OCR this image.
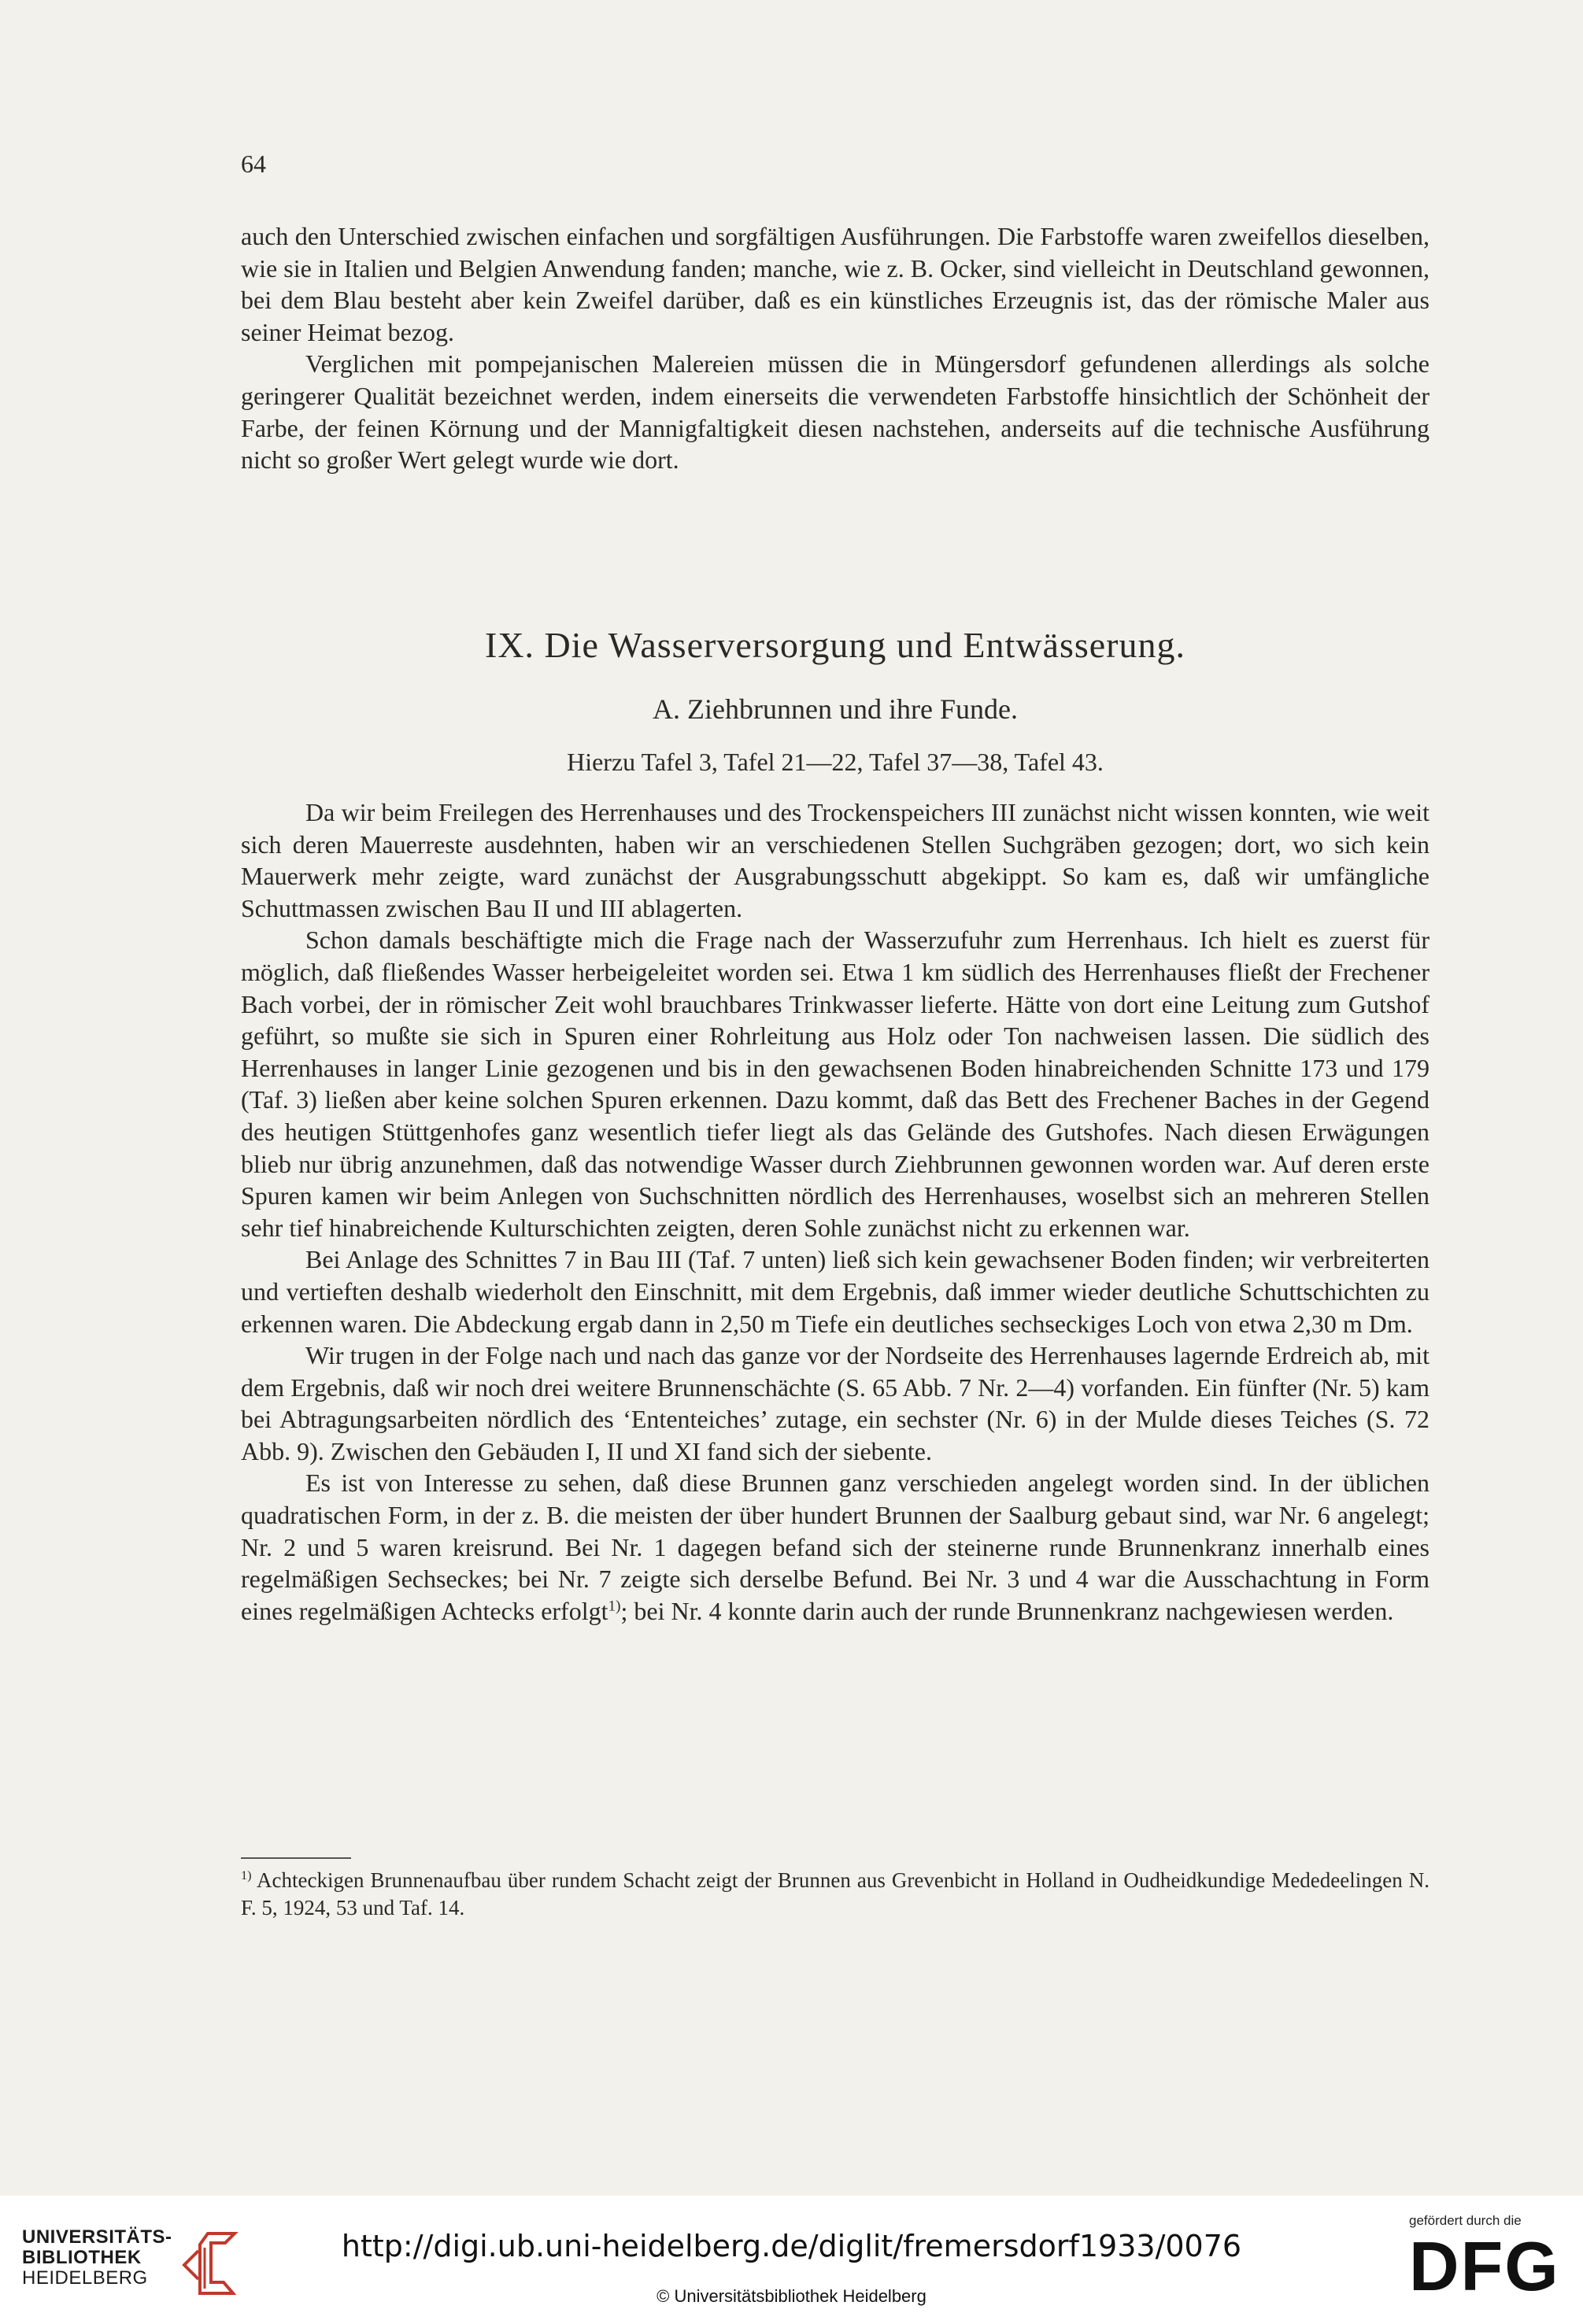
64

auch den Unterschied zwischen einfachen und sorgfältigen Ausführungen. Die Farbstoffe waren zweifellos dieselben, wie sie in Italien und Belgien Anwendung fanden; manche, wie z. B. Ocker, sind vielleicht in Deutschland gewonnen, bei dem Blau besteht aber kein Zweifel darüber, daß es ein künstliches Erzeugnis ist, das der römische Maler aus seiner Heimat bezog.

Verglichen mit pompejanischen Malereien müssen die in Müngersdorf gefundenen allerdings als solche geringerer Qualität bezeichnet werden, indem einerseits die verwendeten Farbstoffe hinsichtlich der Schönheit der Farbe, der feinen Körnung und der Mannigfaltigkeit diesen nachstehen, anderseits auf die technische Ausführung nicht so großer Wert gelegt wurde wie dort.

IX. Die Wasserversorgung und Entwässerung.
A. Ziehbrunnen und ihre Funde.
Hierzu Tafel 3, Tafel 21—22, Tafel 37—38, Tafel 43.

Da wir beim Freilegen des Herrenhauses und des Trockenspeichers III zunächst nicht wissen konnten, wie weit sich deren Mauerreste ausdehnten, haben wir an verschiedenen Stellen Suchgräben gezogen; dort, wo sich kein Mauerwerk mehr zeigte, ward zunächst der Ausgrabungsschutt abgekippt. So kam es, daß wir umfängliche Schuttmassen zwischen Bau II und III ablagerten.

Schon damals beschäftigte mich die Frage nach der Wasserzufuhr zum Herrenhaus. Ich hielt es zuerst für möglich, daß fließendes Wasser herbeigeleitet worden sei. Etwa 1 km südlich des Herrenhauses fließt der Frechener Bach vorbei, der in römischer Zeit wohl brauchbares Trinkwasser lieferte. Hätte von dort eine Leitung zum Gutshof geführt, so mußte sie sich in Spuren einer Rohrleitung aus Holz oder Ton nachweisen lassen. Die südlich des Herrenhauses in langer Linie gezogenen und bis in den gewachsenen Boden hinabreichenden Schnitte 173 und 179 (Taf. 3) ließen aber keine solchen Spuren erkennen. Dazu kommt, daß das Bett des Frechener Baches in der Gegend des heutigen Stüttgenhofes ganz wesentlich tiefer liegt als das Gelände des Gutshofes. Nach diesen Erwägungen blieb nur übrig anzunehmen, daß das notwendige Wasser durch Ziehbrunnen gewonnen worden war. Auf deren erste Spuren kamen wir beim Anlegen von Suchschnitten nördlich des Herrenhauses, woselbst sich an mehreren Stellen sehr tief hinabreichende Kulturschichten zeigten, deren Sohle zunächst nicht zu erkennen war.

Bei Anlage des Schnittes 7 in Bau III (Taf. 7 unten) ließ sich kein gewachsener Boden finden; wir verbreiterten und vertieften deshalb wiederholt den Einschnitt, mit dem Ergebnis, daß immer wieder deutliche Schuttschichten zu erkennen waren. Die Abdeckung ergab dann in 2,50 m Tiefe ein deutliches sechseckiges Loch von etwa 2,30 m Dm.

Wir trugen in der Folge nach und nach das ganze vor der Nordseite des Herrenhauses lagernde Erdreich ab, mit dem Ergebnis, daß wir noch drei weitere Brunnenschächte (S. 65 Abb. 7 Nr. 2—4) vorfanden. Ein fünfter (Nr. 5) kam bei Abtragungsarbeiten nördlich des ‘Ententeiches’ zutage, ein sechster (Nr. 6) in der Mulde dieses Teiches (S. 72 Abb. 9). Zwischen den Gebäuden I, II und XI fand sich der siebente.

Es ist von Interesse zu sehen, daß diese Brunnen ganz verschieden angelegt worden sind. In der üblichen quadratischen Form, in der z. B. die meisten der über hundert Brunnen der Saalburg gebaut sind, war Nr. 6 angelegt; Nr. 2 und 5 waren kreisrund. Bei Nr. 1 dagegen befand sich der steinerne runde Brunnenkranz innerhalb eines regelmäßigen Sechseckes; bei Nr. 7 zeigte sich derselbe Befund. Bei Nr. 3 und 4 war die Ausschachtung in Form eines regelmäßigen Achtecks erfolgt$^{1)}$; bei Nr. 4 konnte darin auch der runde Brunnenkranz nachgewiesen werden.

$^{1)}$ Achteckigen Brunnenaufbau über rundem Schacht zeigt der Brunnen aus Grevenbicht in Holland in Oudheidkundige Mededeelingen N. F. 5, 1924, 53 und Taf. 14.
UNIVERSITÄTS-
BIBLIOTHEK
HEIDELBERG
http://digi.ub.uni-heidelberg.de/diglit/fremersdorf1933/0076
© Universitätsbibliothek Heidelberg
gefördert durch die
DFG
